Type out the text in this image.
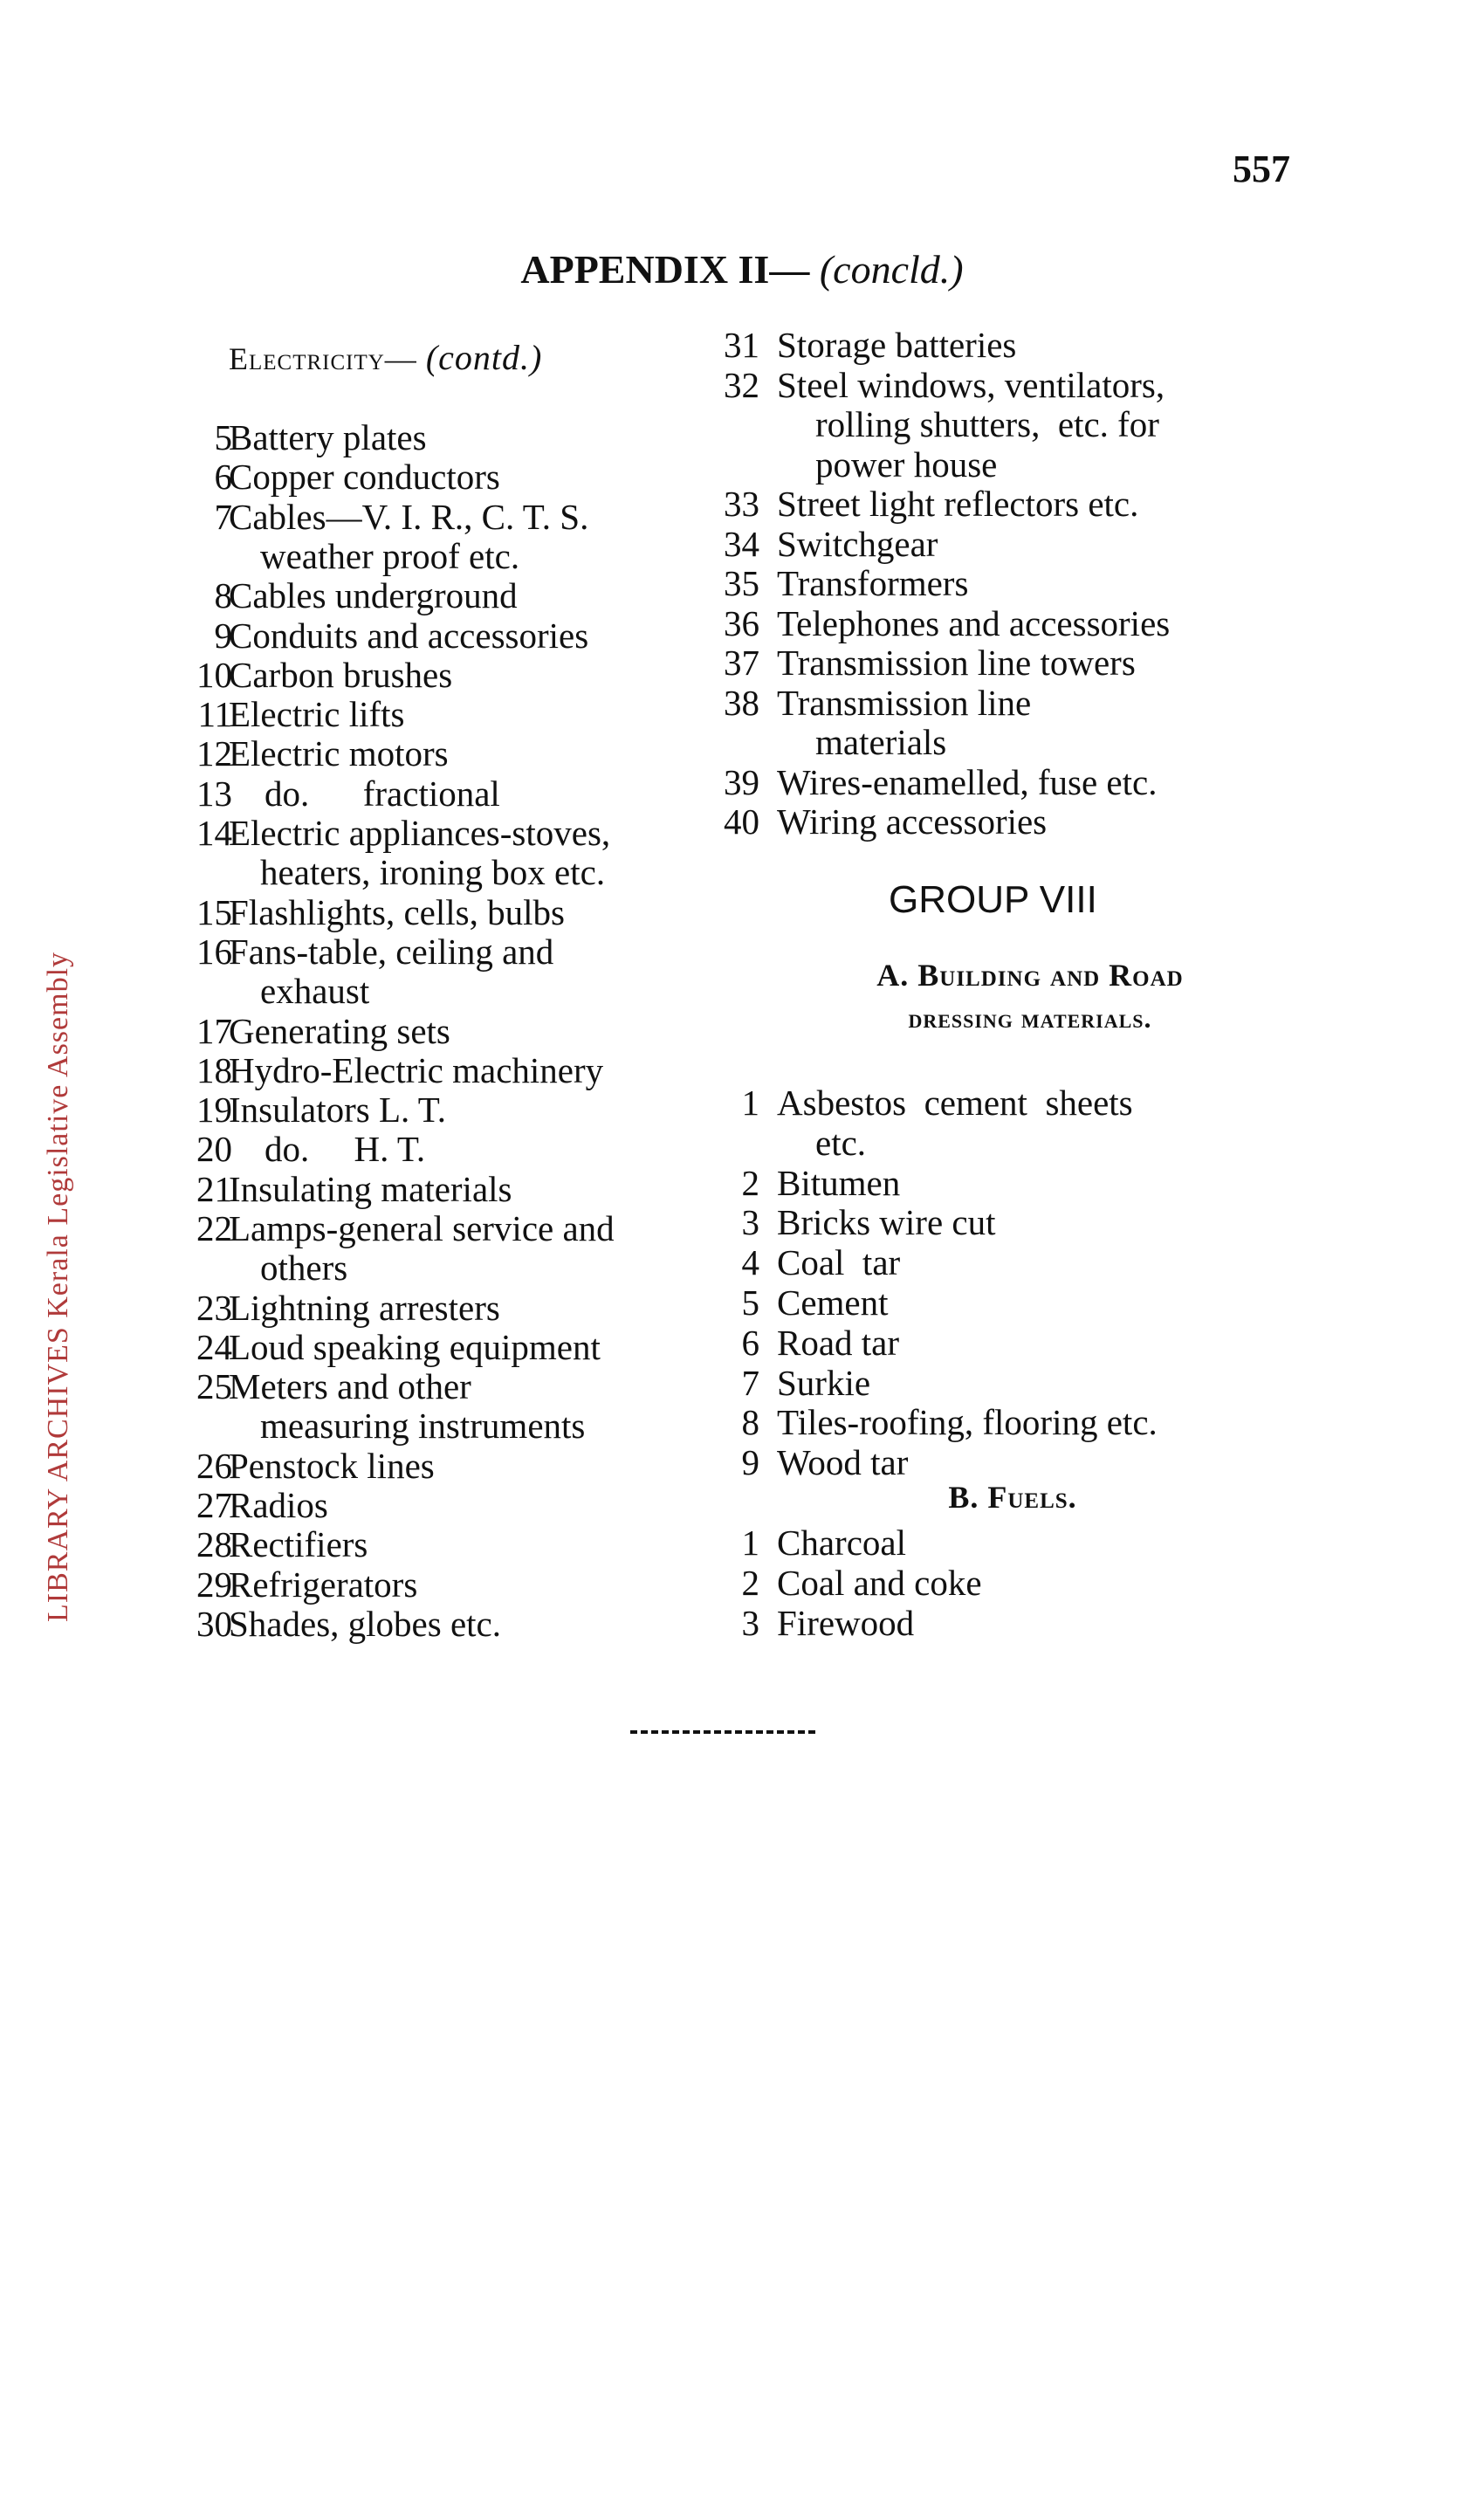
557
APPENDIX II— (concld.)
LIBRARY ARCHIVES Kerala Legislative Assembly
Electricity— (contd.)
5
Battery plates
6
Copper conductors
7
Cables—V. I. R., C. T. S.
weather proof etc.
8
Cables underground
9
Conduits and accessories
10
Carbon brushes
11
Electric lifts
12
Electric motors
13
do.      fractional
14
Electric appliances-stoves,
heaters, ironing box etc.
15
Flashlights, cells, bulbs
16
Fans-table, ceiling and
exhaust
17
Generating sets
18
Hydro-Electric machinery
19
Insulators L. T.
20
do.     H. T.
21
Insulating materials
22
Lamps-general service and
others
23
Lightning arresters
24
Loud speaking equipment
25
Meters and other
measuring instruments
26
Penstock lines
27
Radios
28
Rectifiers
29
Refrigerators
30
Shades, globes etc.
31 Storage batteries
32 Steel windows, ventilators,
rolling shutters,  etc. for
power house
33 Street light reflectors etc.
34 Switchgear
35 Transformers
36 Telephones and accessories
37 Transmission line towers
38 Transmission line
materials
39 Wires-enamelled, fuse etc.
40 Wiring accessories
GROUP VIII
A. Building and Road
dressing materials.
1 Asbestos  cement  sheets
etc.
2 Bitumen
3 Bricks wire cut
4 Coal  tar
5 Cement
6 Road tar
7 Surkie
8 Tiles-roofing, flooring etc.
9 Wood tar
B. Fuels.
1 Charcoal
2 Coal and coke
3 Firewood
